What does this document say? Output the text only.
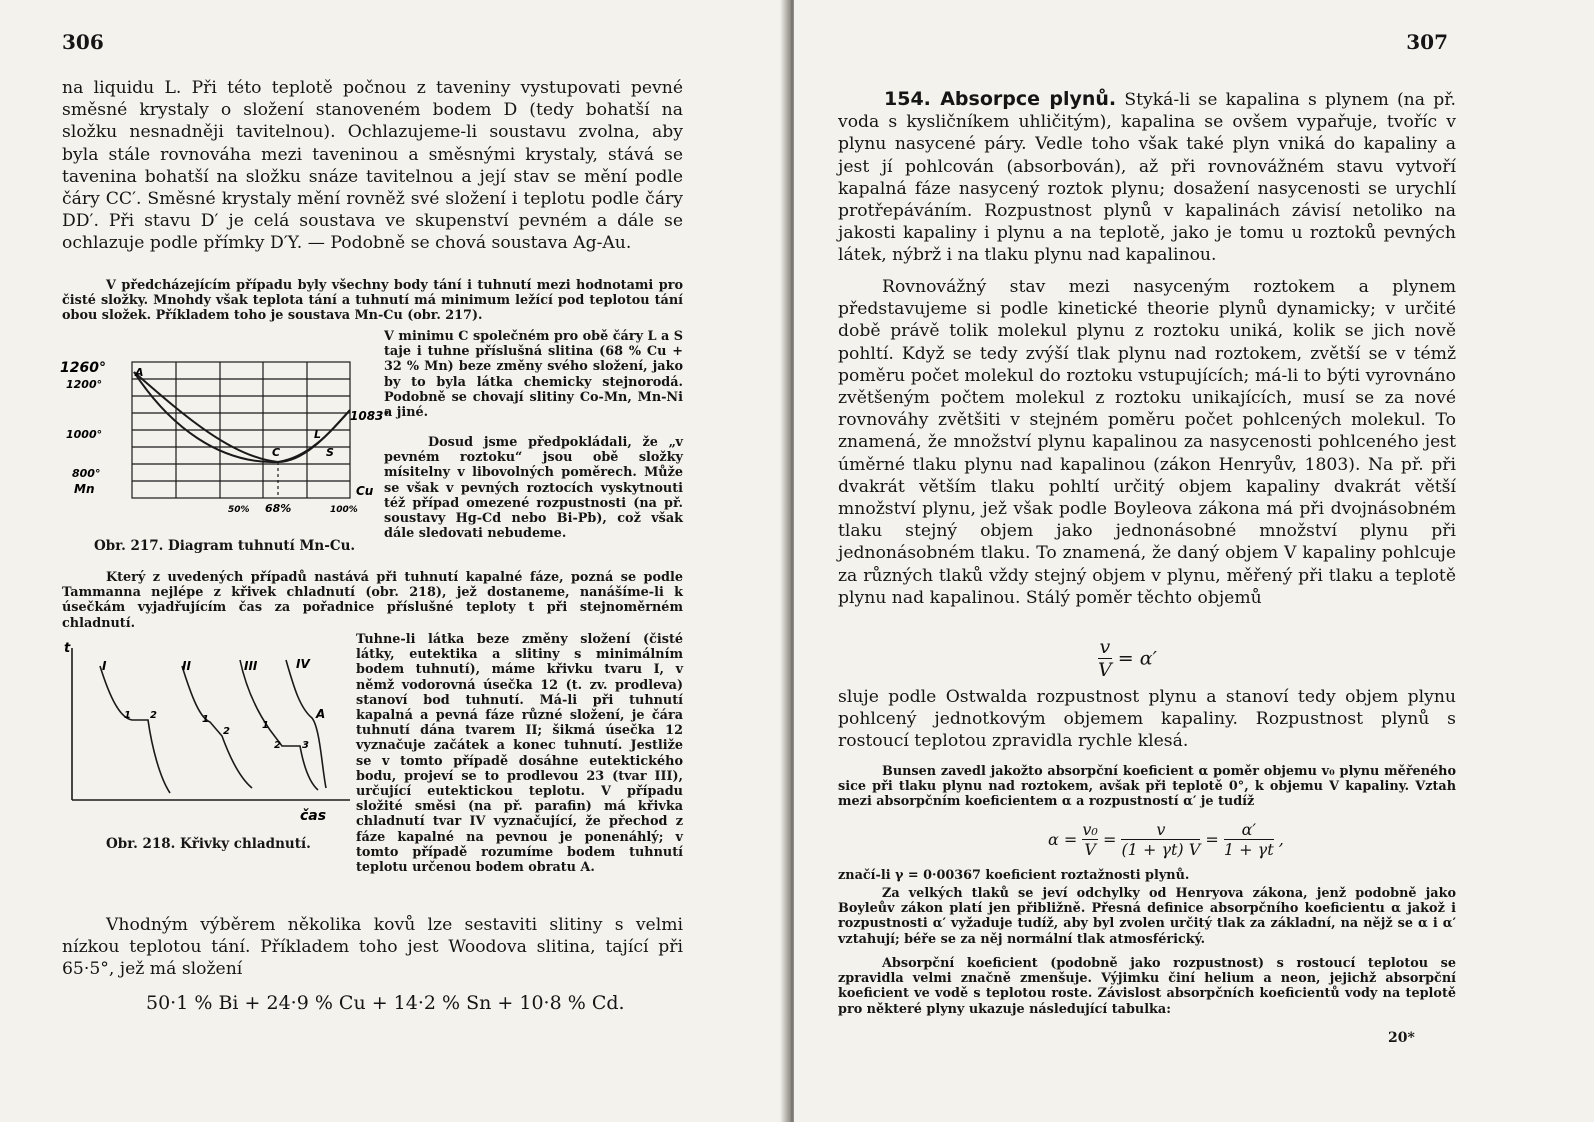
306
na liquidu L. Při této teplotě počnou z taveniny vystupovati pevné směsné krystaly o složení stanoveném bodem D (tedy bohatší na složku nesnadněji tavitelnou). Ochlazujeme-li soustavu zvolna, aby byla stále rovnováha mezi taveninou a směsnými krystaly, stává se tavenina bohatší na složku snáze tavitelnou a její stav se mění podle čáry CC′. Směsné krystaly mění rovněž své složení i teplotu podle čáry DD′. Při stavu D′ je celá soustava ve skupenství pevném a dále se ochlazuje podle přímky D′Y. — Podobně se chová soustava Ag-Au.
V předcházejícím případu byly všechny body tání i tuhnutí mezi hodnotami pro čisté složky. Mnohdy však teplota tání a tuhnutí má minimum ležící pod teplotou tání obou složek. Příkladem toho je soustava Mn-Cu (obr. 217).
V minimu C společném pro obě čáry L a S taje i tuhne příslušná slitina (68 % Cu + 32 % Mn) beze změny svého složení, jako by to byla látka chemicky stejnorodá. Podobně se chovají slitiny Co-Mn, Mn-Ni a jiné.
Dosud jsme předpokládali, že „v pevném roztoku“ jsou obě složky mísitelny v libovolných poměrech. Může se však v pevných roztocích vyskytnouti též případ omezené rozpustnosti (na př. soustavy Hg-Cd nebo Bi-Pb), což však dále sledovati nebudeme.
1260°
1200°
1000°
800°
Mn	Cu
1083°
A
C
L
S
50% 68%	100%
Obr. 217. Diagram tuhnutí Mn-Cu.
Který z uvedených případů nastává při tuhnutí kapalné fáze, pozná se podle Tammanna nejlépe z křivek chladnutí (obr. 218), jež dostaneme, nanášíme-li k úsečkám vyjadřujícím čas za pořadnice příslušné teploty t při stejnoměrném chladnutí.
t
čas
I	II	III	IV
1 2	1
2
1
2 3
A
Obr. 218. Křivky chladnutí.
Tuhne-li látka beze změny složení (čisté látky, eutektika a slitiny s minimálním bodem tuhnutí), máme křivku tvaru I, v němž vodorovná úsečka 12 (t. zv. prodleva) stanoví bod tuhnutí. Má-li při tuhnutí kapalná a pevná fáze různé složení, je čára tuhnutí dána tvarem II; šikmá úsečka 12 vyznačuje začátek a konec tuhnutí. Jestliže se v tomto případě dosáhne eutektického bodu, projeví se to prodlevou 23 (tvar III), určující eutektickou teplotu. V případu složité směsi (na př. parafin) má křivka chladnutí tvar IV vyznačující, že přechod z fáze kapalné na pevnou je ponenáhlý; v tomto případě rozumíme bodem tuhnutí teplotu určenou bodem obratu A.
Vhodným výběrem několika kovů lze sestaviti slitiny s velmi nízkou teplotou tání. Příkladem toho jest Woodova slitina, tající při 65·5°, jež má složení
50·1 % Bi + 24·9 % Cu + 14·2 % Sn + 10·8 % Cd.
307
154. Absorpce plynů. Styká-li se kapalina s plynem (na př. voda s kysličníkem uhličitým), kapalina se ovšem vypařuje, tvoříc v plynu nasycené páry. Vedle toho však také plyn vniká do kapaliny a jest jí pohlcován (absorbován), až při rovnovážném stavu vytvoří kapalná fáze nasycený roztok plynu; dosažení nasycenosti se urychlí protřepáváním. Rozpustnost plynů v kapalinách závisí netoliko na jakosti kapaliny i plynu a na teplotě, jako je tomu u roztoků pevných látek, nýbrž i na tlaku plynu nad kapalinou.
Rovnovážný stav mezi nasyceným roztokem a plynem představujeme si podle kinetické theorie plynů dynamicky; v určité době právě tolik molekul plynu z roztoku uniká, kolik se jich nově pohltí. Když se tedy zvýší tlak plynu nad roztokem, zvětší se v témž poměru počet molekul do roztoku vstupujících; má-li to býti vyrovnáno zvětšeným počtem molekul z roztoku unikajících, musí se za nové rovnováhy zvětšiti v stejném poměru počet pohlcených molekul. To znamená, že množství plynu kapalinou za nasycenosti pohlceného jest úměrné tlaku plynu nad kapalinou (zákon Henryův, 1803). Na př. při dvakrát větším tlaku pohltí určitý objem kapaliny dvakrát větší množství plynu, jež však podle Boyleova zákona má při dvojnásobném tlaku stejný objem jako jednonásobné množství plynu při jednonásobném tlaku. To znamená, že daný objem V kapaliny pohlcuje za různých tlaků vždy stejný objem v plynu, měřený při tlaku a teplotě plynu nad kapalinou. Stálý poměr těchto objemů
$\frac{v}{V} = \alpha'$
sluje podle Ostwalda rozpustnost plynu a stanoví tedy objem plynu pohlcený jednotkovým objemem kapaliny. Rozpustnost plynů s rostoucí teplotou zpravidla rychle klesá.
Bunsen zavedl jakožto absorpční koeficient α poměr objemu v₀ plynu měřeného sice při tlaku plynu nad roztokem, avšak při teplotě 0°, k objemu V kapaliny. Vztah mezi absorpčním koeficientem α a rozpustností α′ je tudíž
$\alpha = \frac{\text{v₀}}{V} = \frac{v}{(1 + \gamma t) V} = \frac{\alpha'}{1 + \gamma t}$ ,
značí-li γ = 0·00367 koeficient roztažnosti plynů.
Za velkých tlaků se jeví odchylky od Henryova zákona, jenž podobně jako Boyleův zákon platí jen přibližně. Přesná definice absorpčního koeficientu α jakož i rozpustnosti α′ vyžaduje tudíž, aby byl zvolen určitý tlak za základní, na nějž se α i α′ vztahují; béře se za něj normální tlak atmosférický.
Absorpční koeficient (podobně jako rozpustnost) s rostoucí teplotou se zpravidla velmi značně zmenšuje. Výjimku činí helium a neon, jejichž absorpční koeficient ve vodě s teplotou roste. Závislost absorpčních koeficientů vody na teplotě pro některé plyny ukazuje následující tabulka:
20*
